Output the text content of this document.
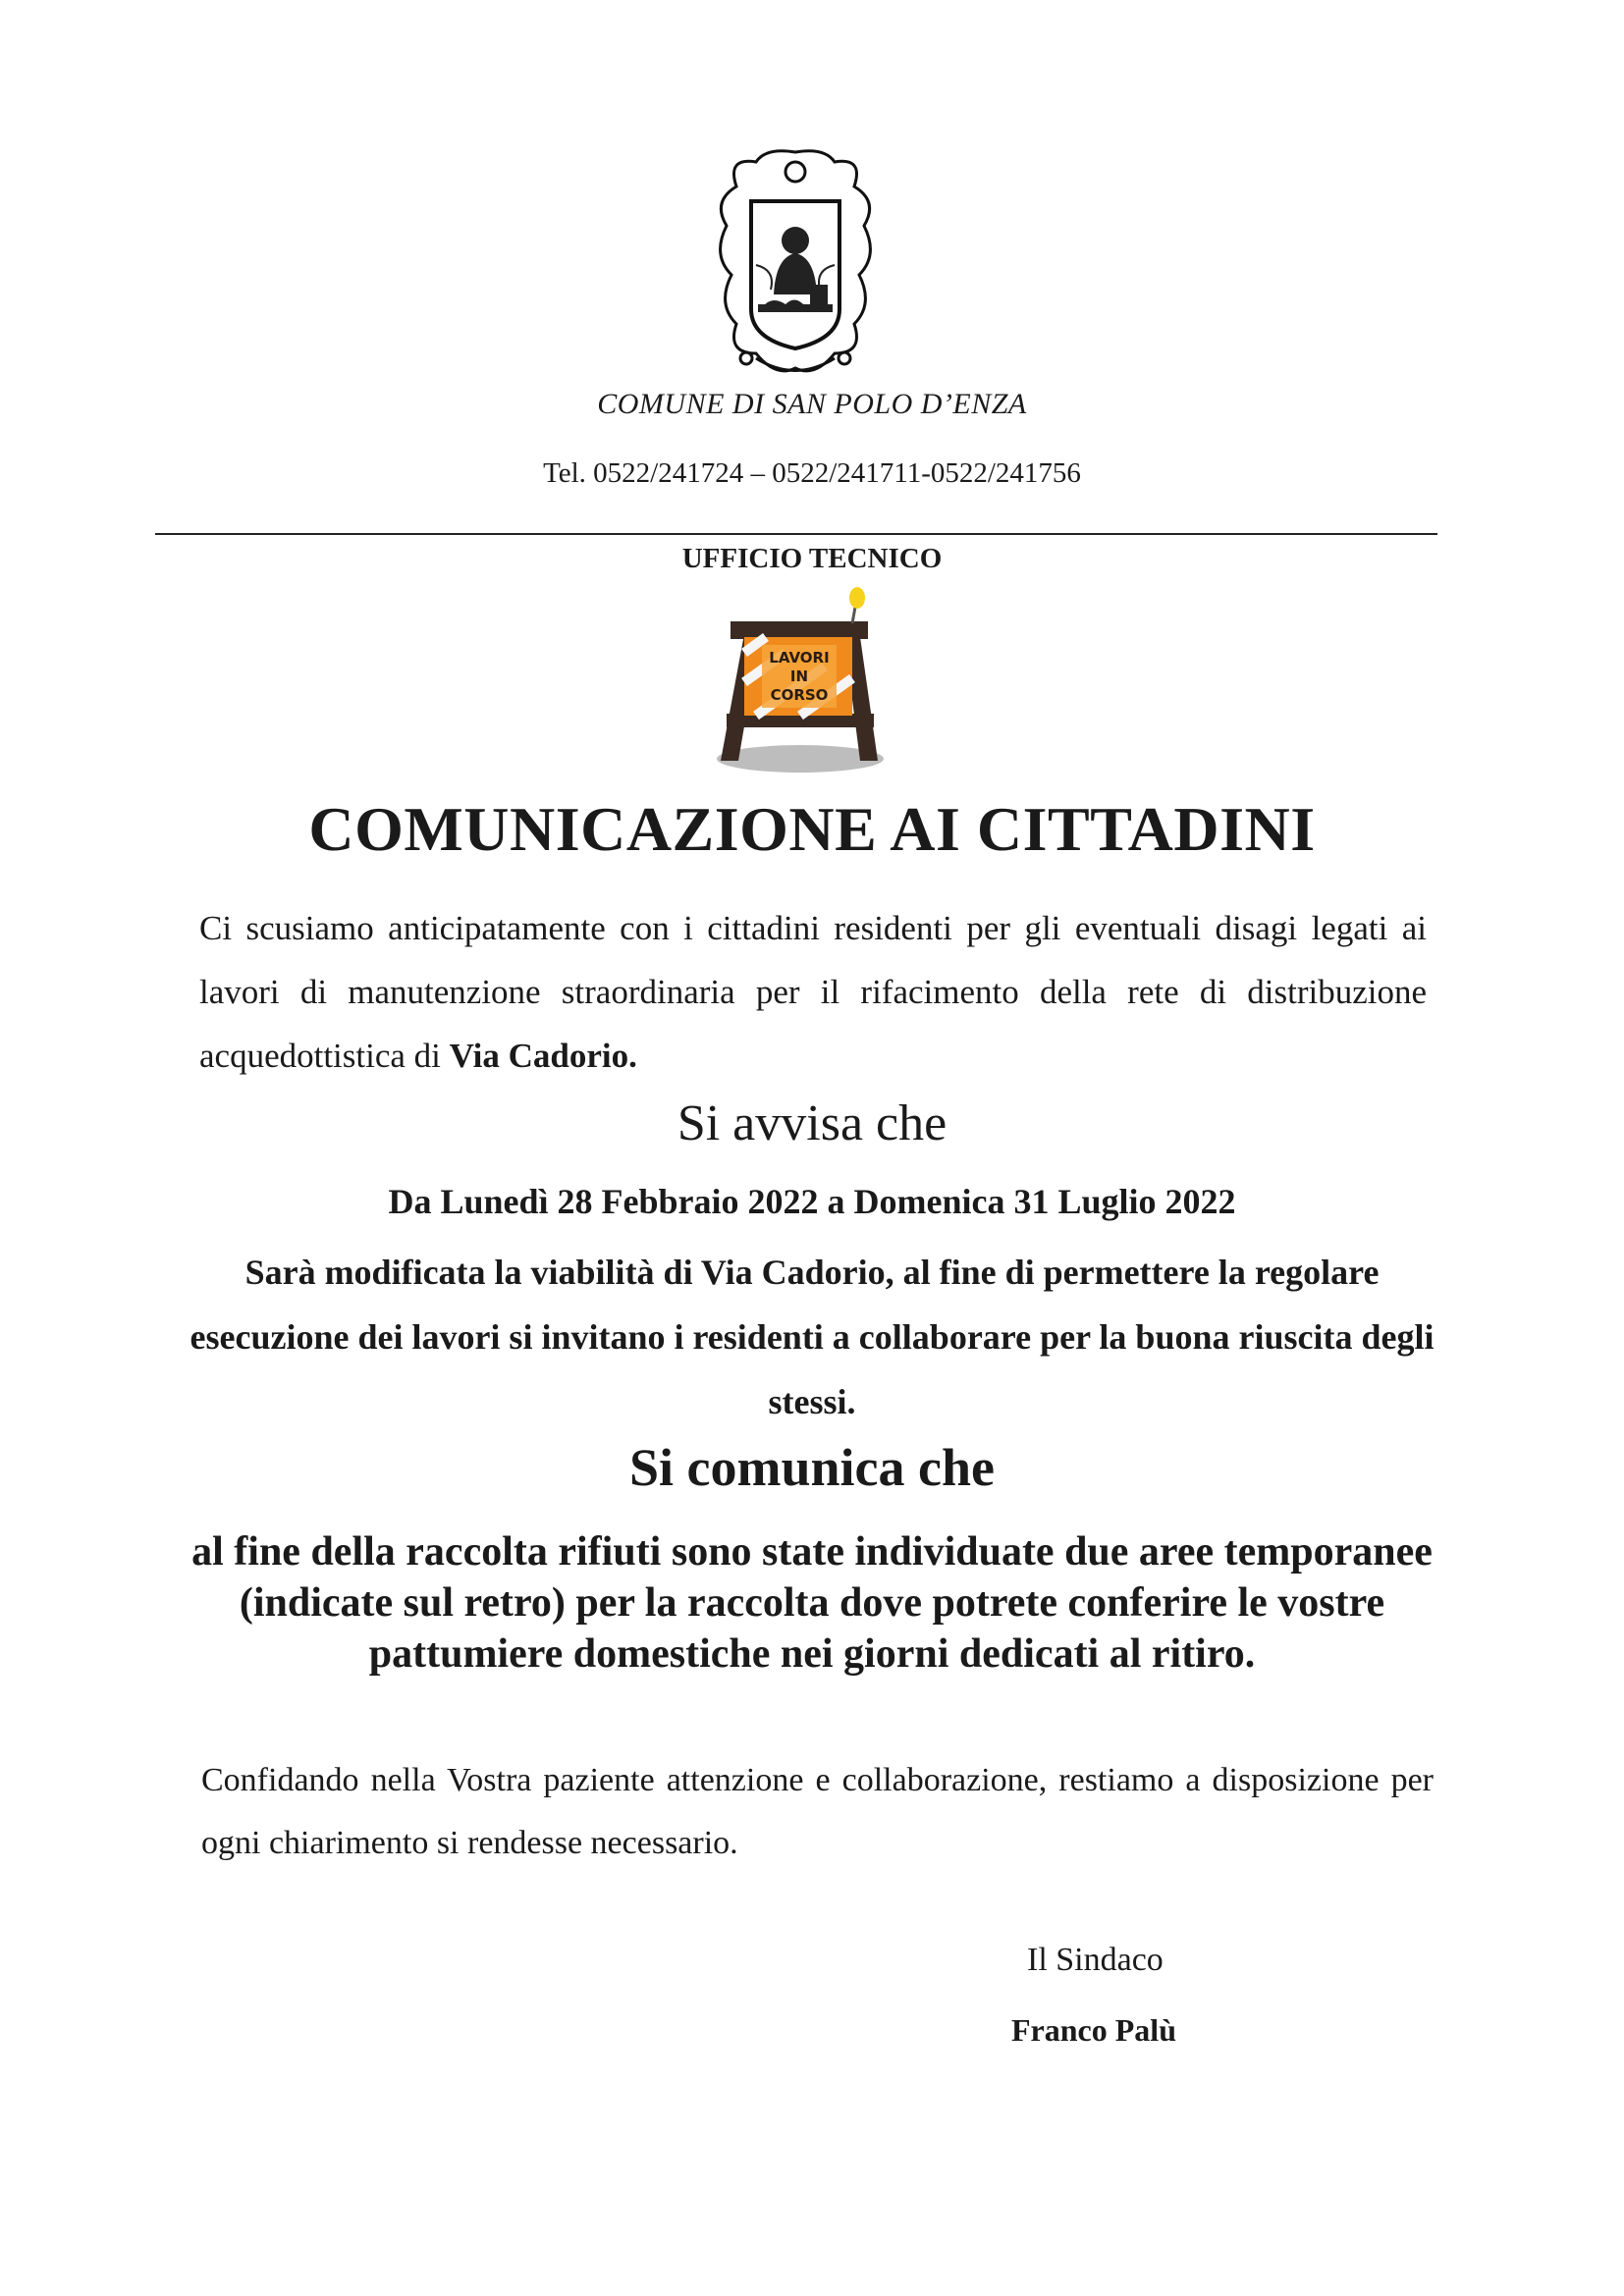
COMUNE DI SAN POLO D’ENZA
Tel. 0522/241724 – 0522/241711-0522/241756
UFFICIO TECNICO
LAVORI
IN
CORSO
COMUNICAZIONE AI CITTADINI
Ci scusiamo anticipatamente con i cittadini residenti per gli eventuali disagi legati ai lavori di manutenzione straordinaria per il rifacimento della rete di distribuzione acquedottistica di Via Cadorio.
Si avvisa che
Da Lunedì 28 Febbraio 2022 a Domenica 31 Luglio 2022
Sarà modificata la viabilità di Via Cadorio, al fine di permettere la regolare esecuzione dei lavori si invitano i residenti a collaborare per la buona riuscita degli stessi.
Si comunica che
al fine della raccolta rifiuti sono state individuate due aree temporanee (indicate sul retro) per la raccolta dove potrete conferire le vostre pattumiere domestiche nei giorni dedicati al ritiro.
Confidando nella Vostra paziente attenzione e collaborazione, restiamo a disposizione per ogni chiarimento si rendesse necessario.
Il Sindaco
Franco Palù
